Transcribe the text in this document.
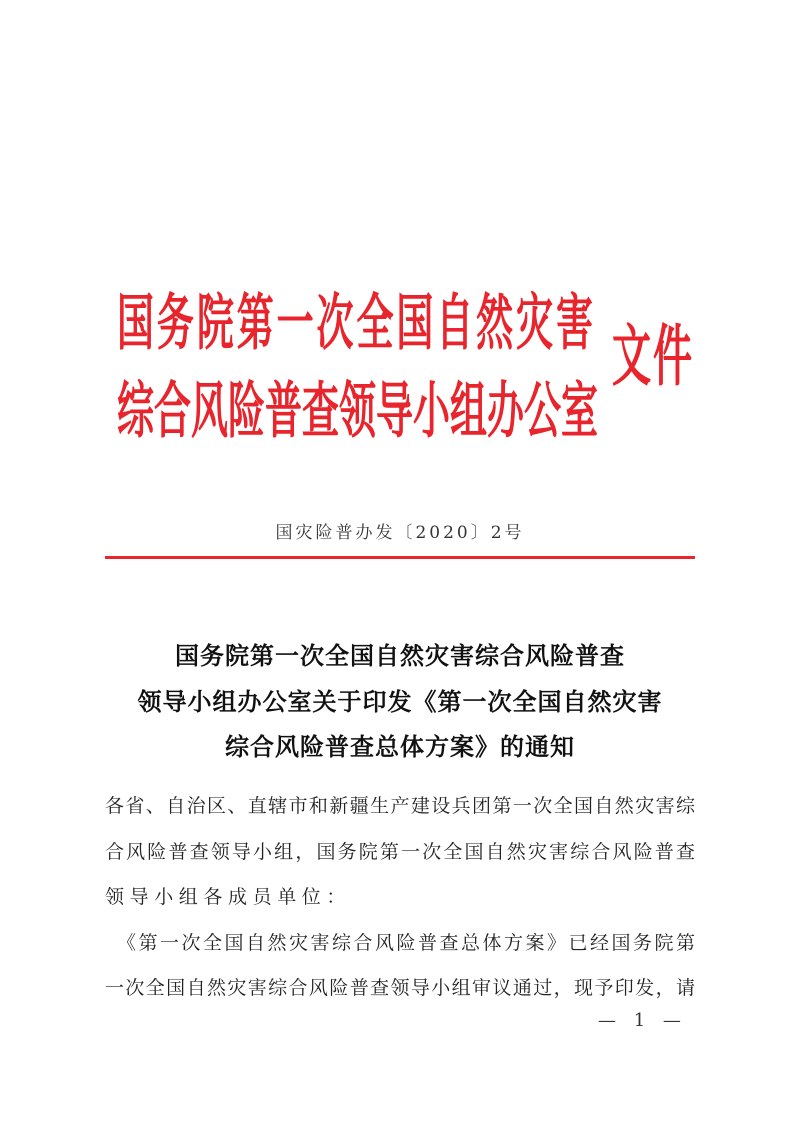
国 务 院 第 一 次 全 国 自 然 灾 害
综 合 风 险 普 查 领 导 小 组 办 公 室
文 件
国灾险普办发〔2020〕2号
国务院第一次全国自然灾害综合风险普查
领导小组办公室关于印发《第一次全国自然灾害
综合风险普查总体方案》的通知
各省、自治区、直辖市和新疆生产建设兵团第一次全国自然灾害综
合风险普查领导小组，国务院第一次全国自然灾害综合风险普查
领导小组各成员单位：
　《第一次全国自然灾害综合风险普查总体方案》已经国务院第
一次全国自然灾害综合风险普查领导小组审议通过，现予印发，请
— 1 —
